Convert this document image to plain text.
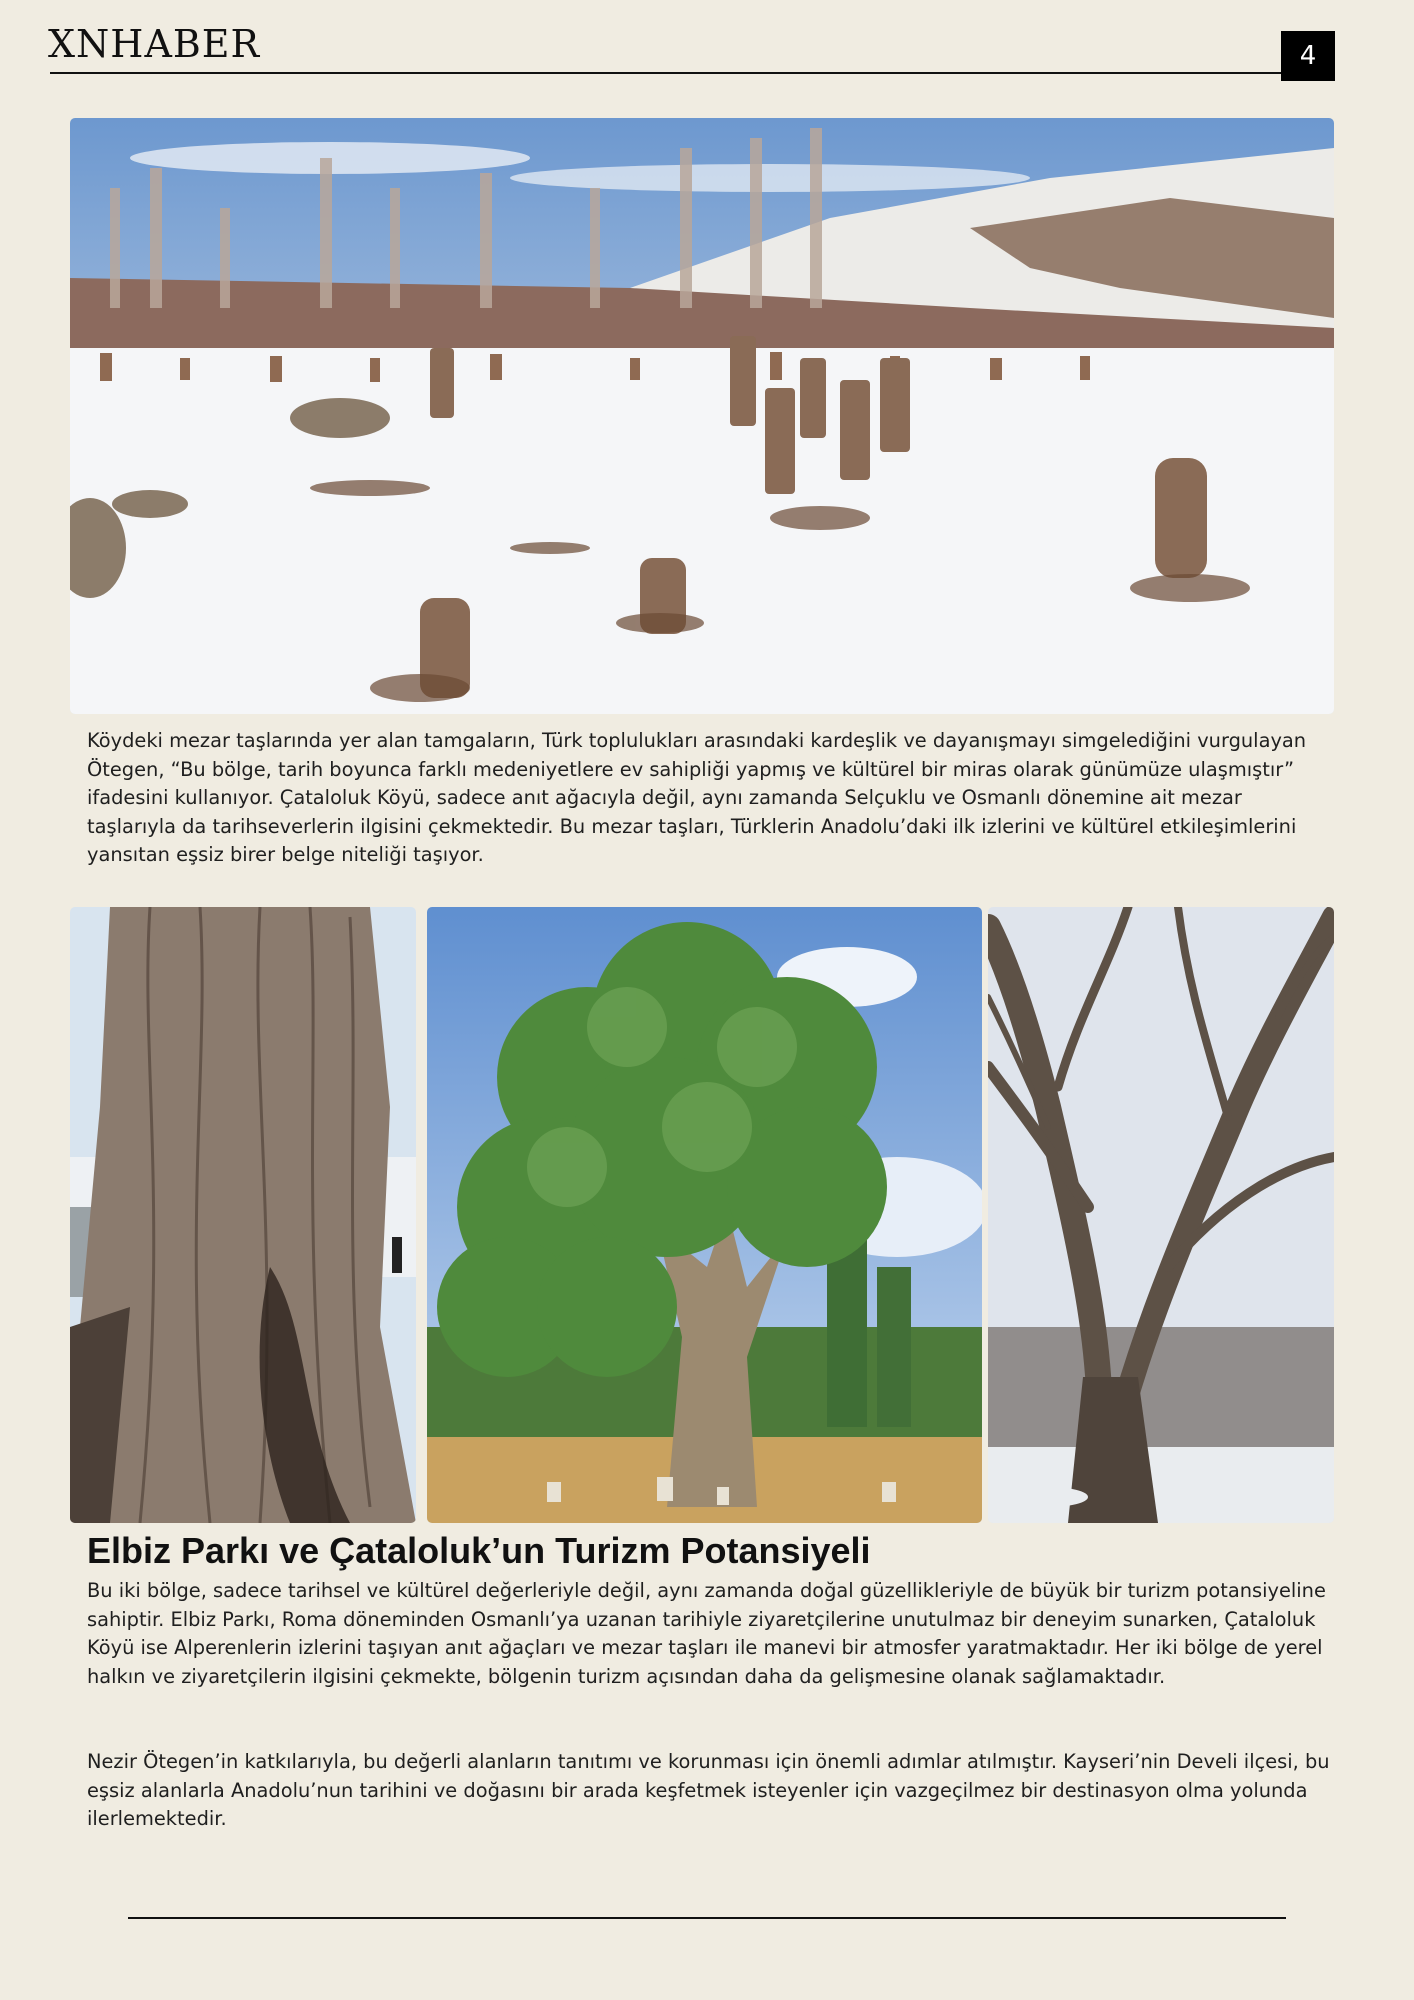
XNHABER	4

Köydeki mezar taşlarında yer alan tamgaların, Türk toplulukları arasındaki kardeşlik ve dayanışmayı simgelediğini vurgulayan Ötegen, “Bu bölge, tarih boyunca farklı medeniyetlere ev sahipliği yapmış ve kültürel bir miras olarak günümüze ulaşmıştır” ifadesini kullanıyor. Çataloluk Köyü, sadece anıt ağacıyla değil, aynı zamanda Selçuklu ve Osmanlı dönemine ait mezar taşlarıyla da tarihseverlerin ilgisini çekmektedir. Bu mezar taşları, Türklerin Anadolu’daki ilk izlerini ve kültürel etkileşimlerini yansıtan eşsiz birer belge niteliği taşıyor.

Elbiz Parkı ve Çataloluk’un Turizm Potansiyeli

Bu iki bölge, sadece tarihsel ve kültürel değerleriyle değil, aynı zamanda doğal güzellikleriyle de büyük bir turizm potansiyeline sahiptir. Elbiz Parkı, Roma döneminden Osmanlı’ya uzanan tarihiyle ziyaretçilerine unutulmaz bir deneyim sunarken, Çataloluk Köyü ise Alperenlerin izlerini taşıyan anıt ağaçları ve mezar taşları ile manevi bir atmosfer yaratmaktadır. Her iki bölge de yerel halkın ve ziyaretçilerin ilgisini çekmekte, bölgenin turizm açısından daha da gelişmesine olanak sağlamaktadır.

Nezir Ötegen’in katkılarıyla, bu değerli alanların tanıtımı ve korunması için önemli adımlar atılmıştır. Kayseri’nin Develi ilçesi, bu eşsiz alanlarla Anadolu’nun tarihini ve doğasını bir arada keşfetmek isteyenler için vazgeçilmez bir destinasyon olma yolunda ilerlemektedir.
